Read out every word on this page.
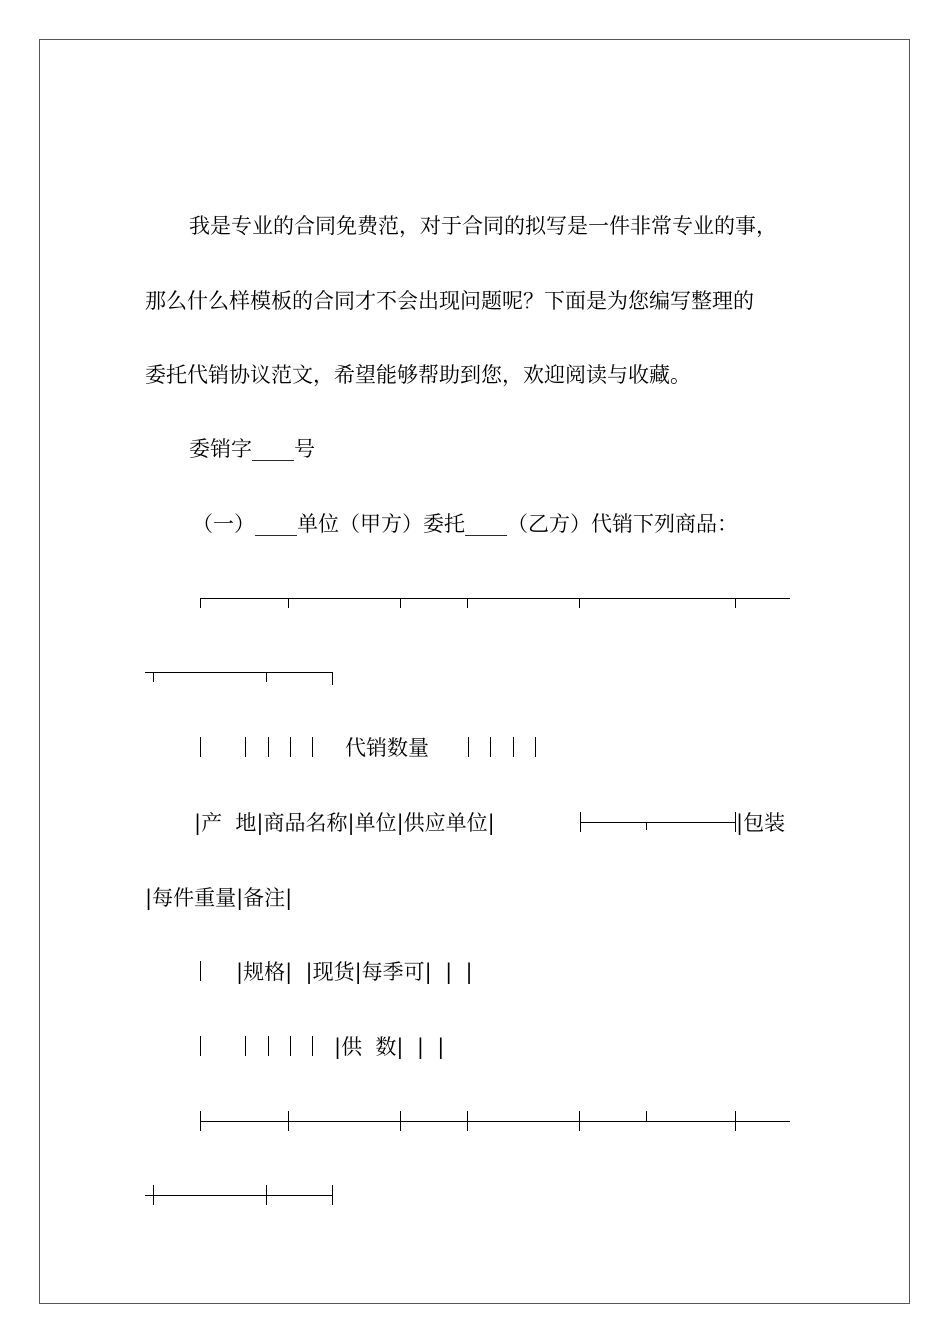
我是专业的合同免费范，对于合同的拟写是一件非常专业的事，
那么什么样模板的合同才不会出现问题呢？下面是为您编写整理的
委托代销协议范文，希望能够帮助到您，欢迎阅读与收藏。
委销字____号
（一）____单位（甲方）委托____（乙方）代销下列商品：
代销数量
|产  地|商品名称|单位|供应单位|	|包装
|每件重量|备注|
|规格|  |现货|每季可|  |  |
|供  数|  |  |
